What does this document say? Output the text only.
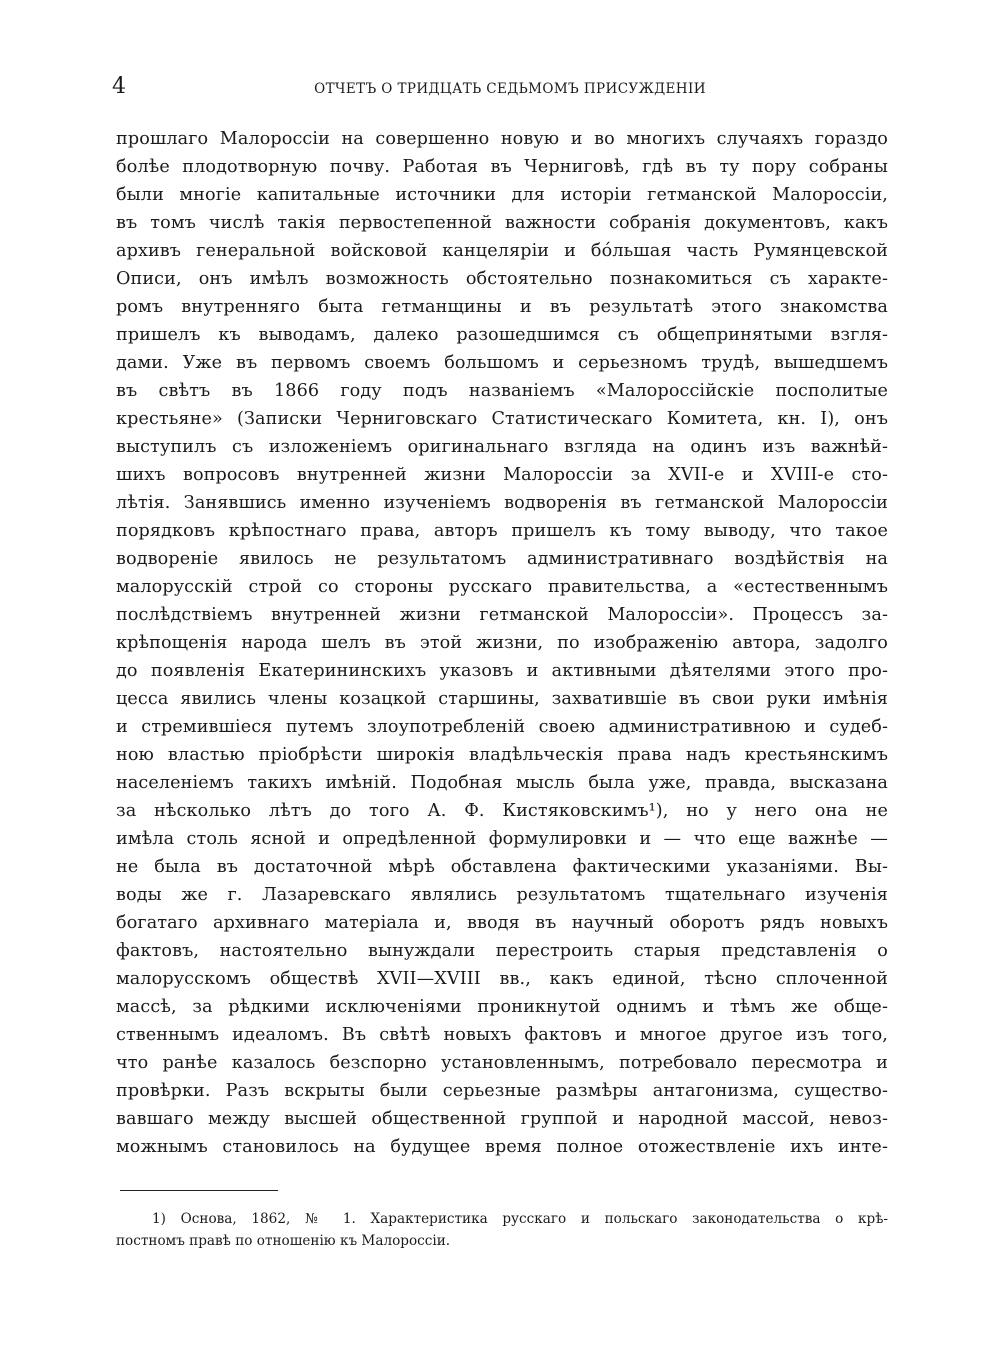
4	ОТЧЕТЪ О ТРИДЦАТЬ СЕДЬМОМЪ ПРИСУЖДЕНІИ
прошлаго Малороссіи на совершенно новую и во многихъ случаяхъ гораздо
болѣе плодотворную почву. Работая въ Черниговѣ, гдѣ въ ту пору собраны
были многіе капитальные источники для исторіи гетманской Малороссіи,
въ томъ числѣ такія первостепенной важности собранія документовъ, какъ
архивъ генеральной войсковой канцеляріи и бо́льшая часть Румянцевской
Описи, онъ имѣлъ возможность обстоятельно познакомиться съ характе-
ромъ внутренняго быта гетманщины и въ результатѣ этого знакомства
пришелъ къ выводамъ, далеко разошедшимся съ общепринятыми взгля-
дами. Уже въ первомъ своемъ большомъ и серьезномъ трудѣ, вышедшемъ
въ свѣтъ въ 1866 году подъ названіемъ «Малороссійскіе посполитые
крестьяне» (Записки Черниговскаго Статистическаго Комитета, кн. I), онъ
выступилъ съ изложеніемъ оригинальнаго взгляда на одинъ изъ важнѣй-
шихъ вопросовъ внутренней жизни Малороссіи за XVII-е и XVIII-е сто-
лѣтія. Занявшись именно изученіемъ водворенія въ гетманской Малороссіи
порядковъ крѣпостнаго права, авторъ пришелъ къ тому выводу, что такое
водвореніе явилось не результатомъ административнаго воздѣйствія на
малорусскій строй со стороны русскаго правительства, а «естественнымъ
послѣдствіемъ внутренней жизни гетманской Малороссіи». Процессъ за-
крѣпощенія народа шелъ въ этой жизни, по изображенію автора, задолго
до появленія Екатерининскихъ указовъ и активными дѣятелями этого про-
цесса явились члены козацкой старшины, захватившіе въ свои руки имѣнія
и стремившіеся путемъ злоупотребленій своею административною и судеб-
ною властью пріобрѣсти широкія владѣльческія права надъ крестьянскимъ
населеніемъ такихъ имѣній. Подобная мысль была уже, правда, высказана
за нѣсколько лѣтъ до того А. Ф. Кистяковскимъ¹), но у него она не
имѣла столь ясной и опредѣленной формулировки и — что еще важнѣе —
не была въ достаточной мѣрѣ обставлена фактическими указаніями. Вы-
воды же г. Лазаревскаго являлись результатомъ тщательнаго изученія
богатаго архивнаго матеріала и, вводя въ научный оборотъ рядъ новыхъ
фактовъ, настоятельно вынуждали перестроить старыя представленія о
малорусскомъ обществѣ XVII—XVIII вв., какъ единой, тѣсно сплоченной
массѣ, за рѣдкими исключеніями проникнутой однимъ и тѣмъ же обще-
ственнымъ идеаломъ. Въ свѣтѣ новыхъ фактовъ и многое другое изъ того,
что ранѣе казалось безспорно установленнымъ, потребовало пересмотра и
провѣрки. Разъ вскрыты были серьезные размѣры антагонизма, существо-
вавшаго между высшей общественной группой и народной массой, невоз-
можнымъ становилось на будущее время полное отожествленіе ихъ инте-
1) Основа, 1862, № 1. Характеристика русскаго и польскаго законодательства о крѣ-
постномъ правѣ по отношенію къ Малороссіи.
